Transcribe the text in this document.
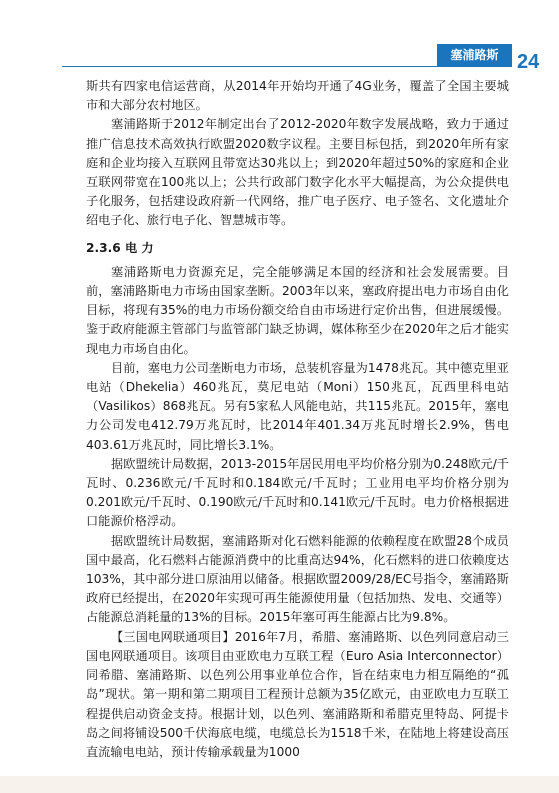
塞浦路斯 24

斯共有四家电信运营商，从2014年开始均开通了4G业务，覆盖了全国主要城市和大部分农村地区。

塞浦路斯于2012年制定出台了2012-2020年数字发展战略，致力于通过推广信息技术高效执行欧盟2020数字议程。主要目标包括，到2020年所有家庭和企业均接入互联网且带宽达30兆以上；到2020年超过50%的家庭和企业互联网带宽在100兆以上；公共行政部门数字化水平大幅提高，为公众提供电子化服务，包括建设政府新一代网络，推广电子医疗、电子签名、文化遗址介绍电子化、旅行电子化、智慧城市等。

2.3.6 电 力

塞浦路斯电力资源充足，完全能够满足本国的经济和社会发展需要。目前，塞浦路斯电力市场由国家垄断。2003年以来，塞政府提出电力市场自由化目标，将现有35%的电力市场份额交给自由市场进行定价出售，但进展缓慢。鉴于政府能源主管部门与监管部门缺乏协调，媒体称至少在2020年之后才能实现电力市场自由化。

目前，塞电力公司垄断电力市场，总装机容量为1478兆瓦。其中德克里亚电站（Dhekelia）460兆瓦，莫尼电站（Moni）150兆瓦，瓦西里科电站（Vasilikos）868兆瓦。另有5家私人风能电站，共115兆瓦。2015年，塞电力公司发电412.79万兆瓦时，比2014年401.34万兆瓦时增长2.9%，售电403.61万兆瓦时，同比增长3.1%。

据欧盟统计局数据，2013-2015年居民用电平均价格分别为0.248欧元/千瓦时、0.236欧元/千瓦时和0.184欧元/千瓦时；工业用电平均价格分别为0.201欧元/千瓦时、0.190欧元/千瓦时和0.141欧元/千瓦时。电力价格根据进口能源价格浮动。

据欧盟统计局数据，塞浦路斯对化石燃料能源的依赖程度在欧盟28个成员国中最高，化石燃料占能源消费中的比重高达94%，化石燃料的进口依赖度达103%，其中部分进口原油用以储备。根据欧盟2009/28/EC号指令，塞浦路斯政府已经提出，在2020年实现可再生能源使用量（包括加热、发电、交通等）占能源总消耗量的13%的目标。2015年塞可再生能源占比为9.8%。

【三国电网联通项目】2016年7月，希腊、塞浦路斯、以色列同意启动三国电网联通项目。该项目由亚欧电力互联工程（Euro Asia Interconnector）同希腊、塞浦路斯、以色列公用事业单位合作，旨在结束电力相互隔绝的“孤岛”现状。第一期和第二期项目工程预计总额为35亿欧元，由亚欧电力互联工程提供启动资金支持。根据计划，以色列、塞浦路斯和希腊克里特岛、阿提卡岛之间将铺设500千伏海底电缆，电缆总长为1518千米，在陆地上将建设高压直流输电电站，预计传输承载量为1000
